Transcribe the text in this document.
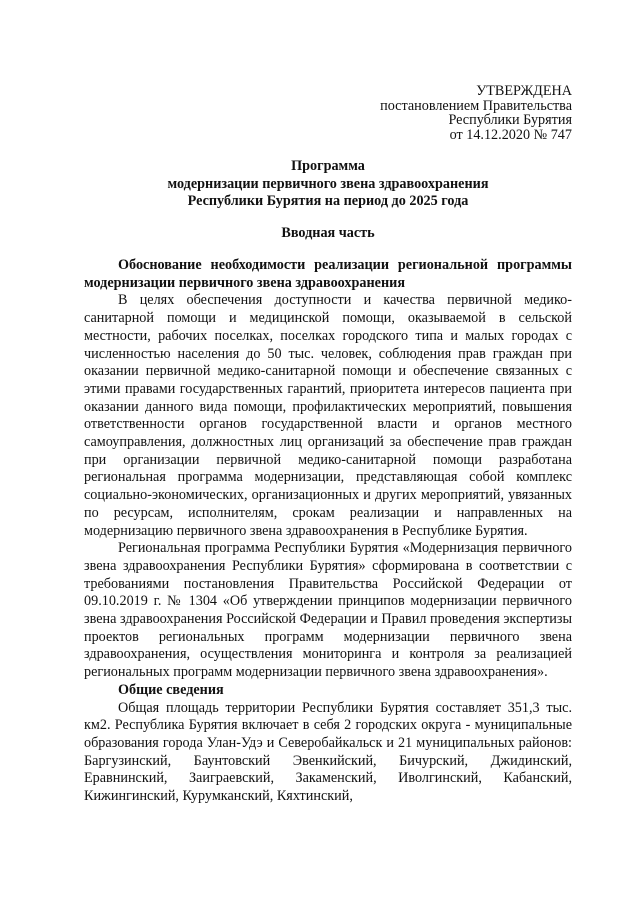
УТВЕРЖДЕНА
постановлением Правительства
Республики Бурятия
от 14.12.2020 № 747
Программа
модернизации первичного звена здравоохранения
Республики Бурятия на период до 2025 года
Вводная часть

Обоснование необходимости реализации региональной программы модернизации первичного звена здравоохранения

В целях обеспечения доступности и качества первичной медико-санитарной помощи и медицинской помощи, оказываемой в сельской местности, рабочих поселках, поселках городского типа и малых городах с численностью населения до 50 тыс. человек, соблюдения прав граждан при оказании первичной медико-санитарной помощи и обеспечение связанных с этими правами государственных гарантий, приоритета интересов пациента при оказании данного вида помощи, профилактических мероприятий, повышения ответственности органов государственной власти и органов местного самоуправления, должностных лиц организаций за обеспечение прав граждан при организации первичной медико-санитарной помощи разработана региональная программа модернизации, представляющая собой комплекс социально-экономических, организационных и других мероприятий, увязанных по ресурсам, исполнителям, срокам реализации и направленных на модернизацию первичного звена здравоохранения в Республике Бурятия.

Региональная программа Республики Бурятия «Модернизация первичного звена здравоохранения Республики Бурятия» сформирована в соответствии с требованиями постановления Правительства Российской Федерации от 09.10.2019 г. № 1304 «Об утверждении принципов модернизации первичного звена здравоохранения Российской Федерации и Правил проведения экспертизы проектов региональных программ модернизации первичного звена здравоохранения, осуществления мониторинга и контроля за реализацией региональных программ модернизации первичного звена здравоохранения».

Общие сведения

Общая площадь территории Республики Бурятия составляет 351,3 тыс. км2. Республика Бурятия включает в себя 2 городских округа - муниципальные образования города Улан-Удэ и Северобайкальск и 21 муниципальных районов: Баргузинский, Баунтовский Эвенкийский, Бичурский, Джидинский, Еравнинский, Заиграевский, Закаменский, Иволгинский, Кабанский, Кижингинский, Курумканский, Кяхтинский,
